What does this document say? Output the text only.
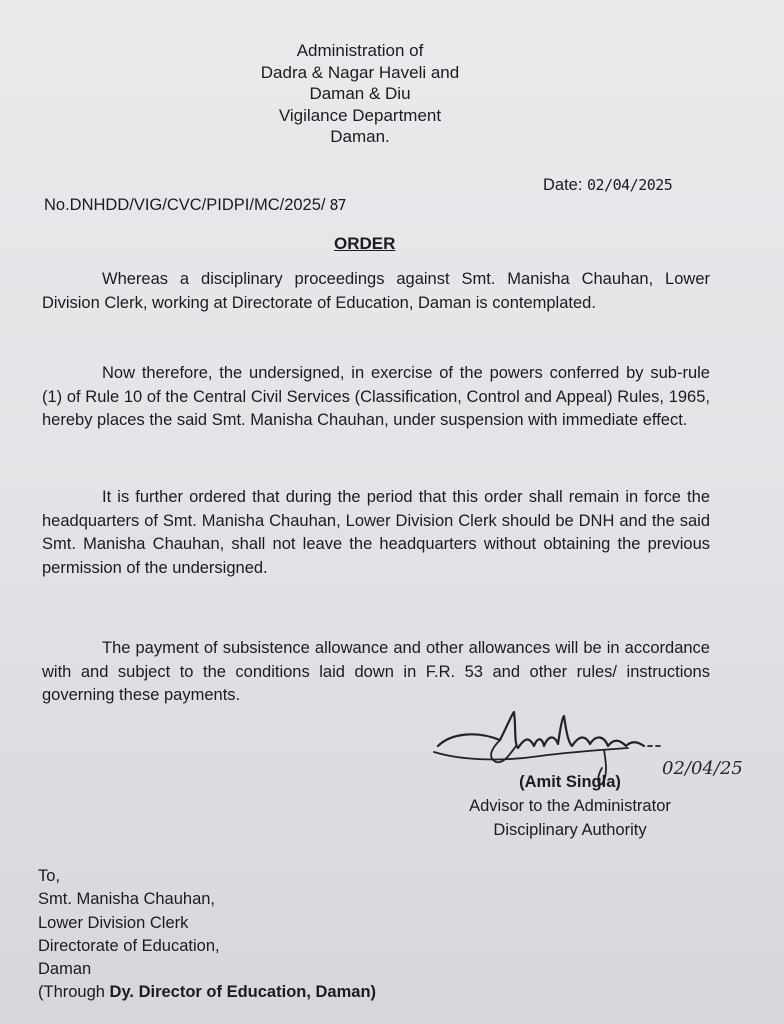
Administration of
Dadra & Nagar Haveli and
Daman & Diu
Vigilance Department
Daman.
No.DNHDD/VIG/CVC/PIDPI/MC/2025/ 87
Date: 02/04/2025
ORDER
Whereas a disciplinary proceedings against Smt. Manisha Chauhan, Lower Division Clerk, working at Directorate of Education, Daman is contemplated.
Now therefore, the undersigned, in exercise of the powers conferred by sub-rule (1) of Rule 10 of the Central Civil Services (Classification, Control and Appeal) Rules, 1965, hereby places the said Smt. Manisha Chauhan, under suspension with immediate effect.
It is further ordered that during the period that this order shall remain in force the headquarters of Smt. Manisha Chauhan, Lower Division Clerk should be DNH and the said Smt. Manisha Chauhan, shall not leave the headquarters without obtaining the previous permission of the undersigned.
The payment of subsistence allowance and other allowances will be in accordance with and subject to the conditions laid down in F.R. 53 and other rules/ instructions governing these payments.
Amit Singla
02/04/25
(Amit Singla)
Advisor to the Administrator
Disciplinary Authority
To,
Smt. Manisha Chauhan,
Lower Division Clerk
Directorate of Education,
Daman
(Through Dy. Director of Education, Daman)
